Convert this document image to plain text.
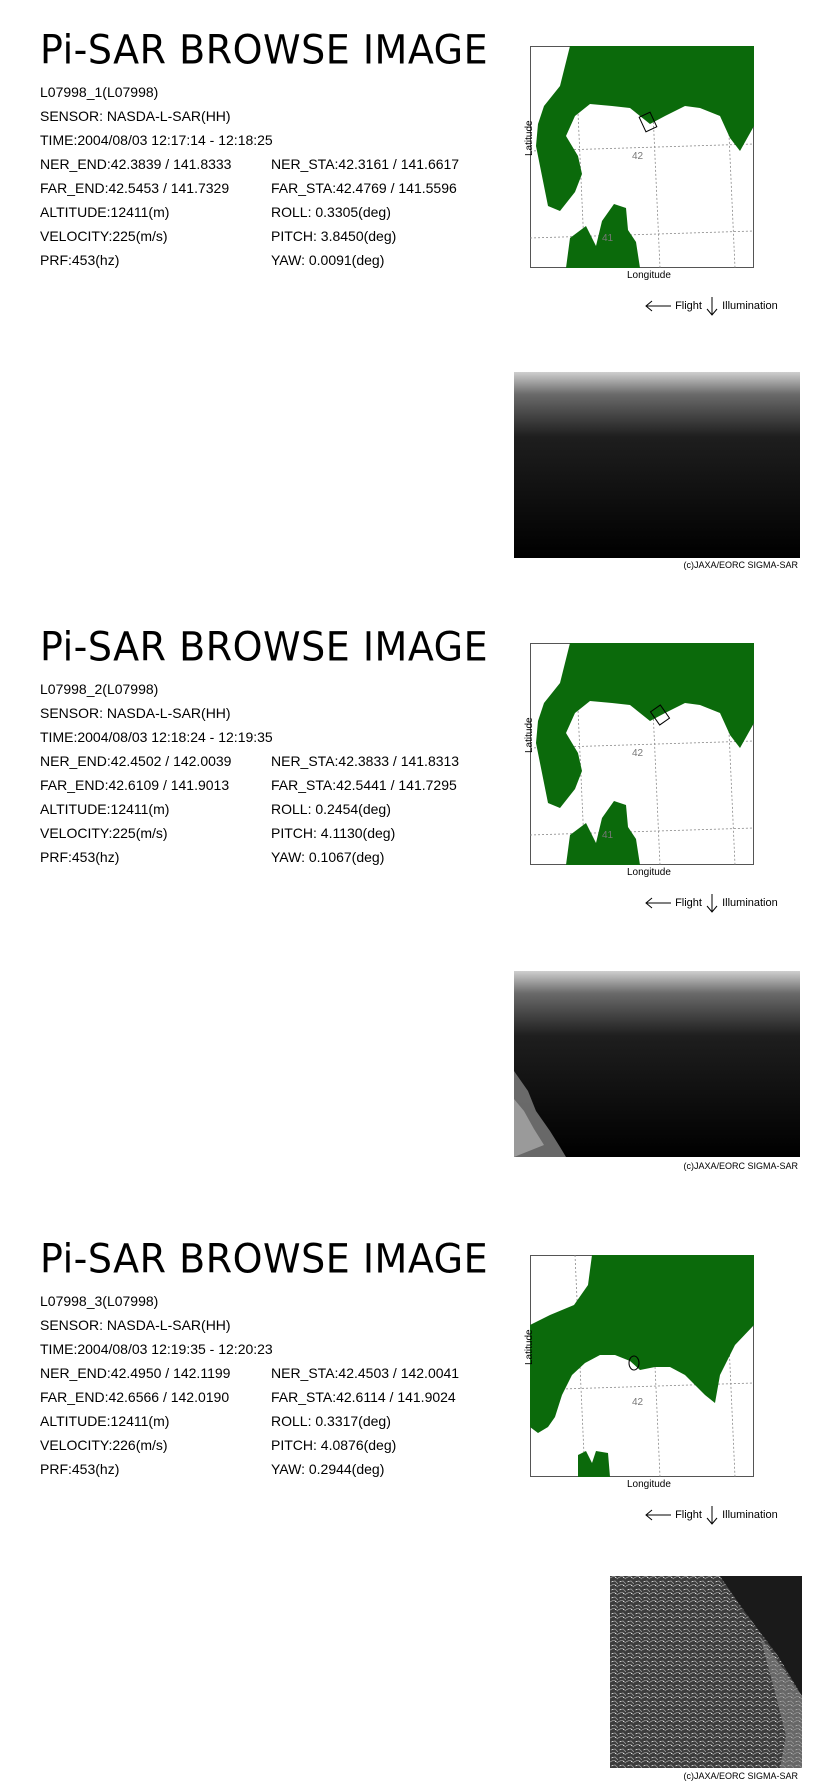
Pi-SAR BROWSE IMAGE
L07998_1(L07998)
SENSOR: NASDA-L-SAR(HH)
TIME:2004/08/03 12:17:14 - 12:18:25
NER_END:42.3839 / 141.8333	NER_STA:42.3161 / 141.6617
FAR_END:42.5453 / 141.7329	FAR_STA:42.4769 / 141.5596
ALTITUDE:12411(m)	ROLL: 0.3305(deg)
VELOCITY:225(m/s)	PITCH: 3.8450(deg)
PRF:453(hz)	YAW: 0.0091(deg)
42
41
Latitude
Longitude
Flight Illumination
(c)JAXA/EORC SIGMA-SAR
Pi-SAR BROWSE IMAGE
L07998_2(L07998)
SENSOR: NASDA-L-SAR(HH)
TIME:2004/08/03 12:18:24 - 12:19:35
NER_END:42.4502 / 142.0039	NER_STA:42.3833 / 141.8313
FAR_END:42.6109 / 141.9013	FAR_STA:42.5441 / 141.7295
ALTITUDE:12411(m)	ROLL: 0.2454(deg)
VELOCITY:225(m/s)	PITCH: 4.1130(deg)
PRF:453(hz)	YAW: 0.1067(deg)
42
41
Latitude
Longitude
Flight Illumination
(c)JAXA/EORC SIGMA-SAR
Pi-SAR BROWSE IMAGE
L07998_3(L07998)
SENSOR: NASDA-L-SAR(HH)
TIME:2004/08/03 12:19:35 - 12:20:23
NER_END:42.4950 / 142.1199	NER_STA:42.4503 / 142.0041
FAR_END:42.6566 / 142.0190	FAR_STA:42.6114 / 141.9024
ALTITUDE:12411(m)	ROLL: 0.3317(deg)
VELOCITY:226(m/s)	PITCH: 4.0876(deg)
PRF:453(hz)	YAW: 0.2944(deg)
42
Latitude
Longitude
Flight Illumination
(c)JAXA/EORC SIGMA-SAR
